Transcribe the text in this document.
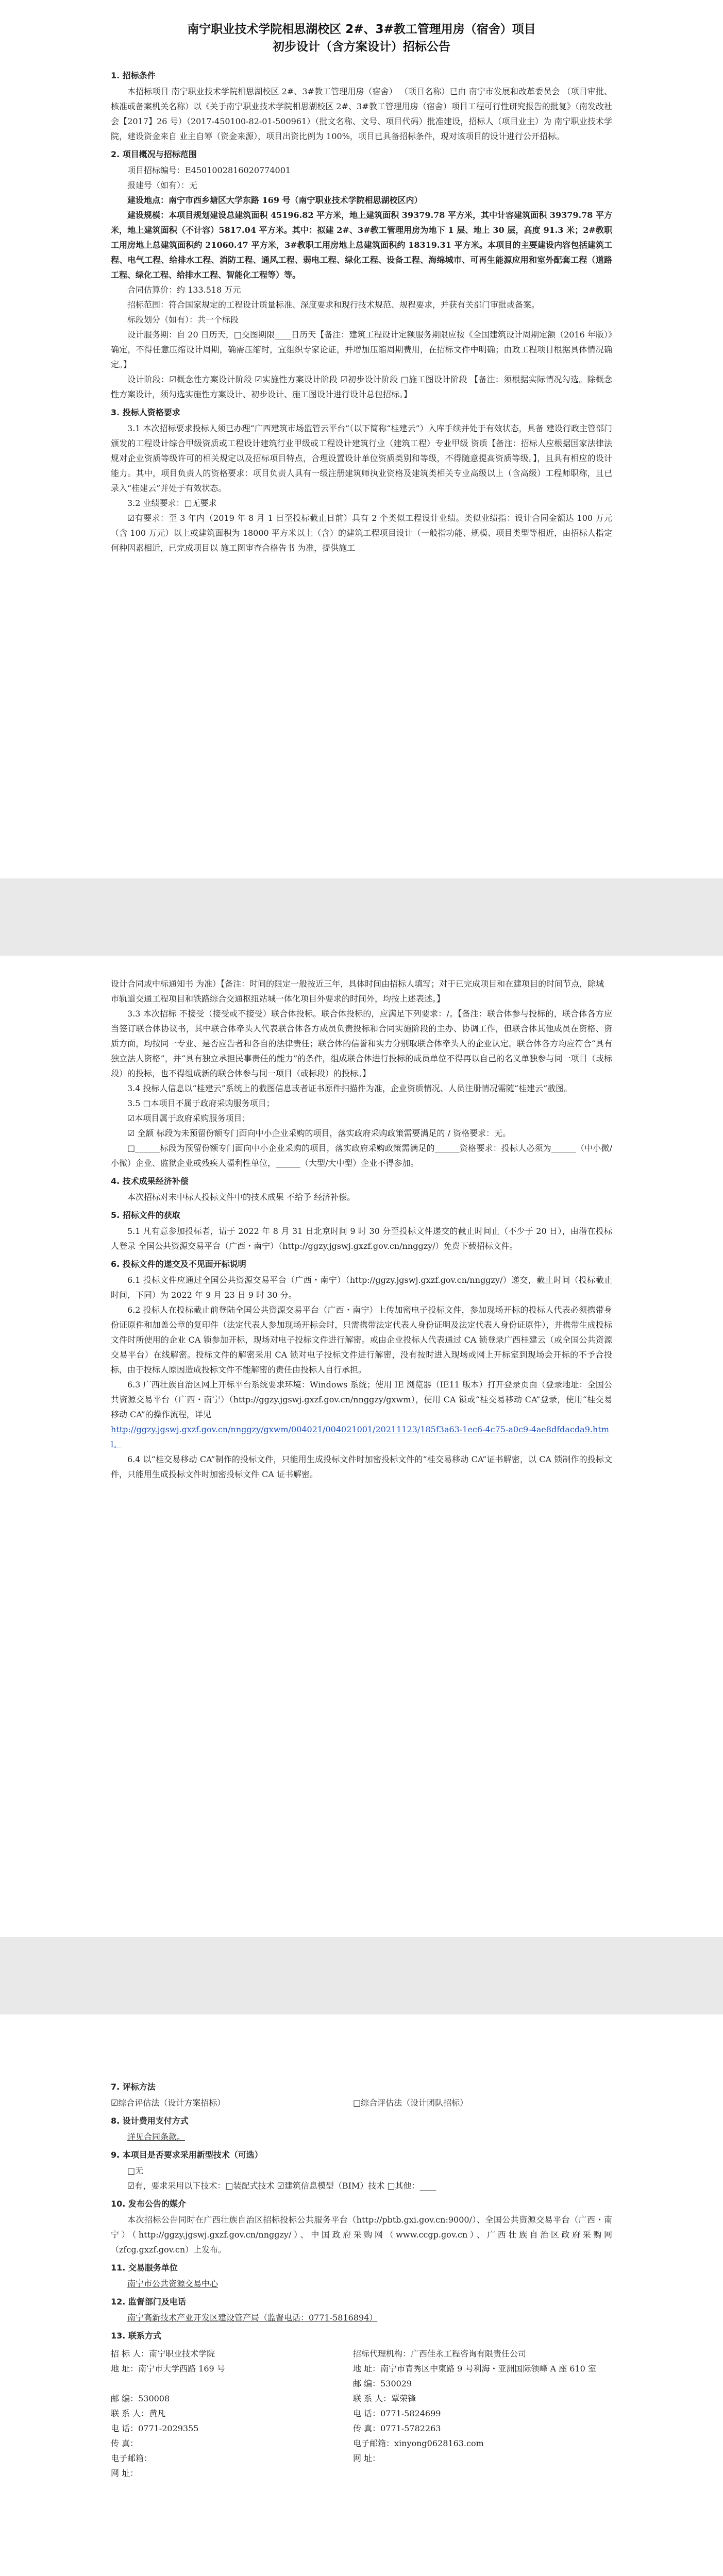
南宁职业技术学院相思湖校区 2#、3#教工管理用房（宿舍）项目
初步设计（含方案设计）招标公告
1. 招标条件

本招标项目 南宁职业技术学院相思湖校区 2#、3#教工管理用房（宿舍） （项目名称）已由 南宁市发展和改革委员会 （项目审批、核准或备案机关名称）以《关于南宁职业技术学院相思湖校区 2#、3#教工管理用房（宿舍）项目工程可行性研究报告的批复》（南发改社会【2017】26 号）（2017-450100-82-01-500961）（批文名称、文号、项目代码）批准建设，招标人（项目业主）为 南宁职业技术学院，建设资金来自 业主自筹（资金来源），项目出资比例为 100%，项目已具备招标条件，现对该项目的设计进行公开招标。

2. 项目概况与招标范围

项目招标编号：E4501002816020774001

报建号（如有）：无

建设地点：南宁市西乡塘区大学东路 169 号（南宁职业技术学院相思湖校区内）

建设规模：本项目规划建设总建筑面积 45196.82 平方米，地上建筑面积 39379.78 平方米，其中计容建筑面积 39379.78 平方米，地上建筑面积（不计容）5817.04 平方米。其中：拟建 2#、3#教工管理用房为地下 1 层、地上 30 层，高度 91.3 米；2#教职工用房地上总建筑面积约 21060.47 平方米，3#教职工用房地上总建筑面积约 18319.31 平方米。本项目的主要建设内容包括建筑工程、电气工程、给排水工程、消防工程、通风工程、弱电工程、绿化工程、设备工程、海绵城市、可再生能源应用和室外配套工程（道路工程、绿化工程、给排水工程、智能化工程等）等。

合同估算价：约 133.518 万元

招标范围：符合国家规定的工程设计质量标准、深度要求和现行技术规范、规程要求，并获有关部门审批或备案。

标段划分（如有）：共一个标段

设计服务期：自 20 日历天，□交图期限____日历天【备注：建筑工程设计定额服务期限应按《全国建筑设计周期定额（2016 年版）》确定，不得任意压缩设计周期，确需压缩时，宜组织专家论证，并增加压缩周期费用，在招标文件中明确；由政工程项目根据具体情况确定。】

设计阶段：☑概念性方案设计阶段 ☑实施性方案设计阶段 ☑初步设计阶段 □施工图设计阶段 【备注：须根据实际情况勾选。除概念性方案设计，须勾选实施性方案设计、初步设计、施工图设计进行设计总包招标。】

3. 投标人资格要求

3.1 本次招标要求投标人须已办理“广西建筑市场监管云平台”（以下简称“桂建云”）入库手续并处于有效状态，具备 建设行政主管部门颁发的工程设计综合甲级资质或工程设计建筑行业甲级或工程设计建筑行业（建筑工程）专业甲级 资质【备注：招标人应根据国家法律法规对企业资质等级许可的相关规定以及招标项目特点，合理设置设计单位资质类别和等级，不得随意提高资质等级。】，且具有相应的设计能力。其中，项目负责人的资格要求：项目负责人具有一级注册建筑师执业资格及建筑类相关专业高级以上（含高级）工程师职称，且已录入“桂建云”并处于有效状态。

3.2 业绩要求：□无要求

☑有要求：至 3 年内（2019 年 8 月 1 日至投标截止日前）具有 2 个类似工程设计业绩。类似业绩指：设计合同金额达 100 万元（含 100 万元）以上或建筑面积为 18000 平方米以上（含）的建筑工程项目设计（一般指功能、规模、项目类型等相近，由招标人指定何种因素相近，已完成项目以 施工图审查合格告书 为准，提供施工

设计合同或中标通知书 为准）【备注：时间的限定一般按近三年，具体时间由招标人填写；对于已完成项目和在建项目的时间节点，除城市轨道交通工程项目和铁路综合交通枢纽站城一体化项目外要求的时间外，均按上述表述。】

3.3 本次招标 不接受（接受或不接受）联合体投标。联合体投标的，应满足下列要求：/。【备注：联合体参与投标的，联合体各方应当签订联合体协议书，其中联合体牵头人代表联合体各方成员负责投标和合同实施阶段的主办、协调工作，但联合体其他成员在资格、资质方面，均按同一专业、是否应告者和各自的法律责任；联合体的信誉和实力分别取联合体牵头人的企业认定。联合体各方均应符合“具有独立法人资格”，并“具有独立承担民事责任的能力”的条件，组成联合体进行投标的成员单位不得再以自己的名义单独参与同一项目（或标段）的投标，也不得组成新的联合体参与同一项目（或标段）的投标。】

3.4 投标人信息以“桂建云”系统上的截图信息或者证书原件扫描件为准，企业资质情况、人员注册情况需随“桂建云”截图。

3.5 □本项目不属于政府采购服务项目；

☑本项目属于政府采购服务项目；

☑ 全额 标段为未预留份额专门面向中小企业采购的项目，落实政府采购政策需要满足的 / 资格要求：无。

□______标段为预留份额专门面向中小企业采购的项目，落实政府采购政策需满足的______资格要求：投标人必须为______（中小微/小微）企业、监狱企业或残疾人福利性单位，______（大型/大中型）企业不得参加。

4. 技术成果经济补偿

本次招标对未中标人投标文件中的技术成果 不给予 经济补偿。

5. 招标文件的获取

5.1 凡有意参加投标者，请于 2022 年 8 月 31 日北京时间 9 时 30 分至投标文件递交的截止时间止（不少于 20 日），由潜在投标人登录 全国公共资源交易平台（广西・南宁）（http://ggzy.jgswj.gxzf.gov.cn/nnggzy/）免费下载招标文件。

6. 投标文件的递交及不见面开标说明

6.1 投标文件应通过全国公共资源交易平台（广西・南宁）（http://ggzy.jgswj.gxzf.gov.cn/nnggzy/）递交，截止时间（投标截止时间，下同）为 2022 年 9 月 23 日 9 时 30 分。

6.2 投标人在投标截止前登陆全国公共资源交易平台（广西・南宁）上传加密电子投标文件，参加现场开标的投标人代表必须携带身份证原件和加盖公章的复印件（法定代表人参加现场开标会时，只需携带法定代表人身份证明及法定代表人身份证原件），并携带生成投标文件时所使用的企业 CA 锁参加开标，现场对电子投标文件进行解密。或由企业投标人代表通过 CA 锁登录广西桂建云（或全国公共资源交易平台）在线解密。投标文件的解密采用 CA 锁对电子投标文件进行解密，没有按时进入现场或网上开标室到现场会开标的不予合投标，由于投标人原因造成投标文件不能解密的责任由投标人自行承担。

6.3 广西壮族自治区网上开标平台系统要求环境：Windows 系统；使用 IE 浏览器（IE11 版本）打开登录页面（登录地址：全国公共资源交易平台（广西・南宁）（http://ggzy.jgswj.gxzf.gov.cn/nnggzy/gxwm），使用 CA 锁或“桂交易移动 CA”登录，使用“桂交易移动 CA”的操作流程，详见

http://ggzy.jgswj.gxzf.gov.cn/nnggzy/gxwm/004021/004021001/20211123/185f3a63-1ec6-4c75-a0c9-4ae8dfdacda9.html。

6.4 以“桂交易移动 CA”制作的投标文件，只能用生成投标文件时加密投标文件的“桂交易移动 CA”证书解密，以 CA 锁制作的投标文件，只能用生成投标文件时加密投标文件 CA 证书解密。

7. 评标方法
☑综合评估法（设计方案招标）	□综合评估法（设计团队招标）
8. 设计费用支付方式

详见合同条款。

9. 本项目是否要求采用新型技术（可选）

□无

☑有，要求采用以下技术：□装配式技术 ☑建筑信息模型（BIM）技术 □其他：____

10. 发布公告的媒介

本次招标公告同时在广西壮族自治区招标投标公共服务平台（http://pbtb.gxi.gov.cn:9000/）、全国公共资源交易平台（广西・南宁）（http://ggzy.jgswj.gxzf.gov.cn/nnggzy/）、中国政府采购网（www.ccgp.gov.cn）、广西壮族自治区政府采购网（zfcg.gxzf.gov.cn）上发布。

11. 交易服务单位

南宁市公共资源交易中心

12. 监督部门及电话

南宁高新技术产业开发区建设管产局（监督电话：0771-5816894）

13. 联系方式

招 标 人：南宁职业技术学院

地 址：南宁市大学西路 169 号

邮 编：530008

联 系 人：黄凡

电 话：0771-2029355

传 真：

电子邮箱：

网 址：

招标代理机构：广西佳永工程咨询有限责任公司

地 址：南宁市青秀区中柬路 9 号利海・亚洲国际领峰 A 座 610 室

邮 编：530029

联 系 人：覃荣锋

电 话：0771-5824699

传 真：0771-5782263

电子邮箱：xinyong0628163.com

网 址：
